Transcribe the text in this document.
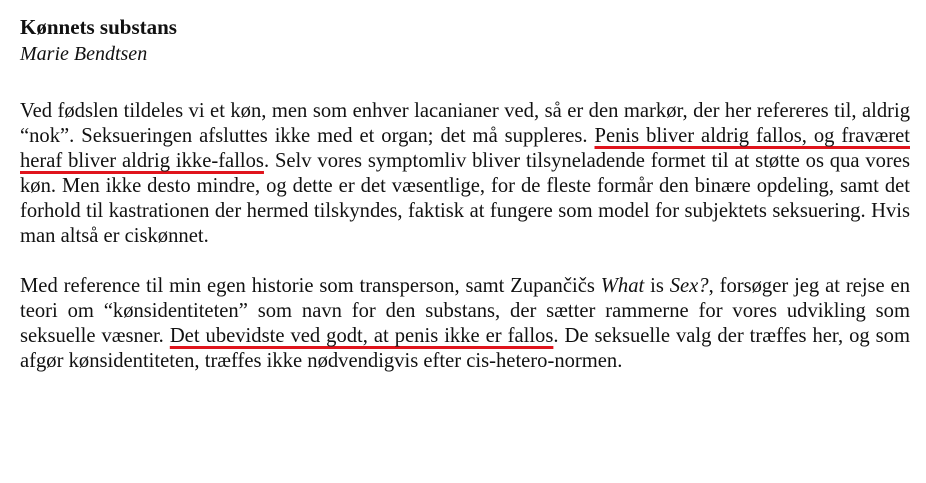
Kønnets substans
Marie Bendtsen

Ved fødslen tildeles vi et køn, men som enhver lacanianer ved, så er den markør, der her refereres til, aldrig “nok”. Seksueringen afsluttes ikke med et organ; det må suppleres. Penis bliver aldrig fallos, og fraværet heraf bliver aldrig ikke-fallos. Selv vores symptomliv bliver tilsyneladende formet til at støtte os qua vores køn. Men ikke desto mindre, og dette er det væsentlige, for de fleste formår den binære opdeling, samt det forhold til kastrationen der hermed tilskyndes, faktisk at fungere som model for subjektets seksuering. Hvis man altså er ciskønnet.

Med reference til min egen historie som transperson, samt Zupančičs What is Sex?, forsøger jeg at rejse en teori om “kønsidentiteten” som navn for den substans, der sætter rammerne for vores udvikling som seksuelle væsner. Det ubevidste ved godt, at penis ikke er fallos. De seksuelle valg der træffes her, og som afgør kønsidentiteten, træffes ikke nødvendigvis efter cis-hetero-normen.
